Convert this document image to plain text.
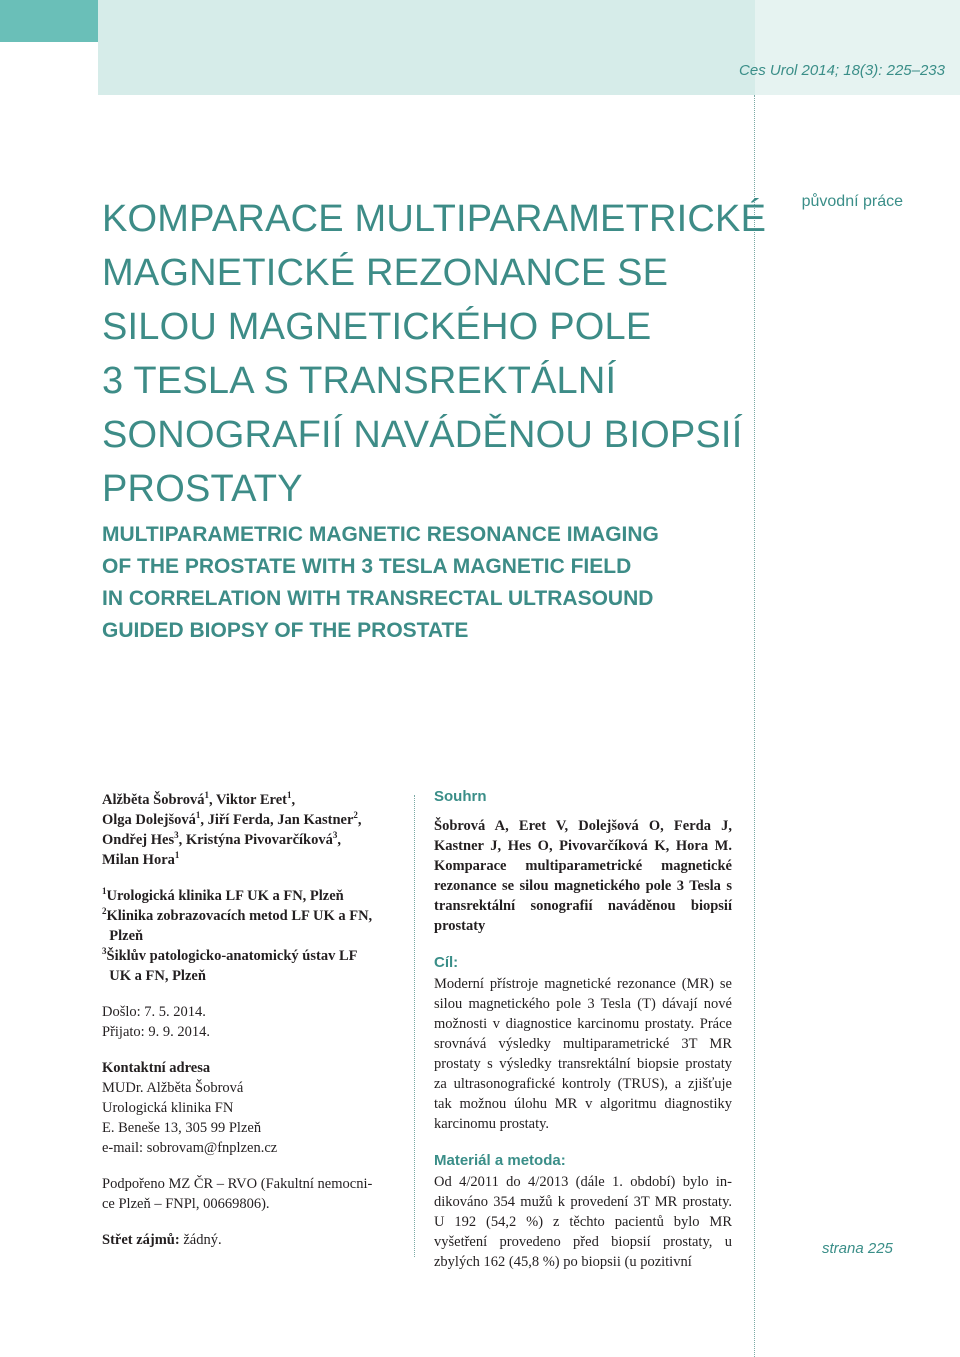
Ces Urol 2014; 18(3): 225–233
původní práce
KOMPARACE MULTIPARAMETRICKÉ
MAGNETICKÉ REZONANCE SE
SILOU MAGNETICKÉHO POLE
3 TESLA S TRANSREKTÁLNÍ
SONOGRAFIÍ NAVÁDĚNOU BIOPSIÍ
PROSTATY
MULTIPARAMETRIC MAGNETIC RESONANCE IMAGING
OF THE PROSTATE WITH 3 TESLA MAGNETIC FIELD
IN CORRELATION WITH TRANSRECTAL ULTRASOUND
GUIDED BIOPSY OF THE PROSTATE

Alžběta Šobrová$^1$, Viktor Eret$^1$,
Olga Dolejšová$^1$, Jiří Ferda, Jan Kastner$^2$,
Ondřej Hes$^3$, Kristýna Pivovarčíková$^3$,
Milan Hora$^1$

$^1$Urologická klinika LF UK a FN, Plzeň

$^2$Klinika zobrazovacích metod LF UK a FN,
Plzeň

$^3$Šiklův patologicko-anatomický ústav LF
UK a FN, Plzeň

Došlo: 7. 5. 2014.

Přijato: 9. 9. 2014.

Kontaktní adresa

MUDr. Alžběta Šobrová

Urologická klinika FN

E. Beneše 13, 305 99 Plzeň

e-mail: sobrovam@fnplzen.cz

Podpořeno MZ ČR – RVO (Fakultní nemocni-

ce Plzeň – FNPl, 00669806).

Střet zájmů: žádný.

Souhrn

Šobrová A, Eret V, Dolejšová O, Ferda J, Kastner J, Hes O, Pivovarčíková K, Hora M. Komparace multiparametrické magnetické rezonance se silou magnetického pole 3 Tesla s transrektální sonografií naváděnou biopsií prostaty

Cíl:

Moderní přístroje magnetické rezonance (MR) se silou magnetického pole 3 Tesla (T) dávají nové možnosti v diagnostice karcinomu prostaty. Práce srovnává výsledky multiparametrické 3T MR prostaty s výsledky transrektální biopsie prostaty za ultrasonografické kontroly (TRUS), a zjišťuje tak možnou úlohu MR v algoritmu diagnostiky karcinomu prostaty.

Materiál a metoda:

Od 4/2011 do 4/2013 (dále 1. období) bylo indikováno 354 mužů k provedení 3T MR prostaty. U 192 (54,2 %) z těchto pacientů bylo MR vyšetření provedeno před biopsií prostaty, u zbylých 162 (45,8 %) po biopsii (u pozitivní

strana 225
